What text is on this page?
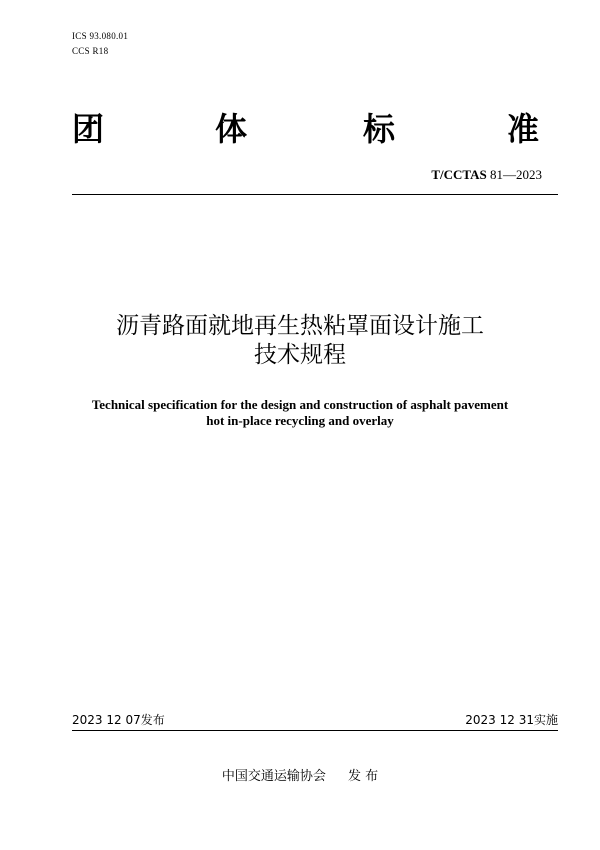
ICS 93.080.01
CCS R18
团	体	标	准
T/CCTAS 81—2023
沥青路面就地再生热粘罩面设计施工
技术规程
Technical specification for the design and construction of asphalt pavement
hot in-place recycling and overlay
2023 12 07发布	2023 12 31实施
中国交通运输协会 发 布
